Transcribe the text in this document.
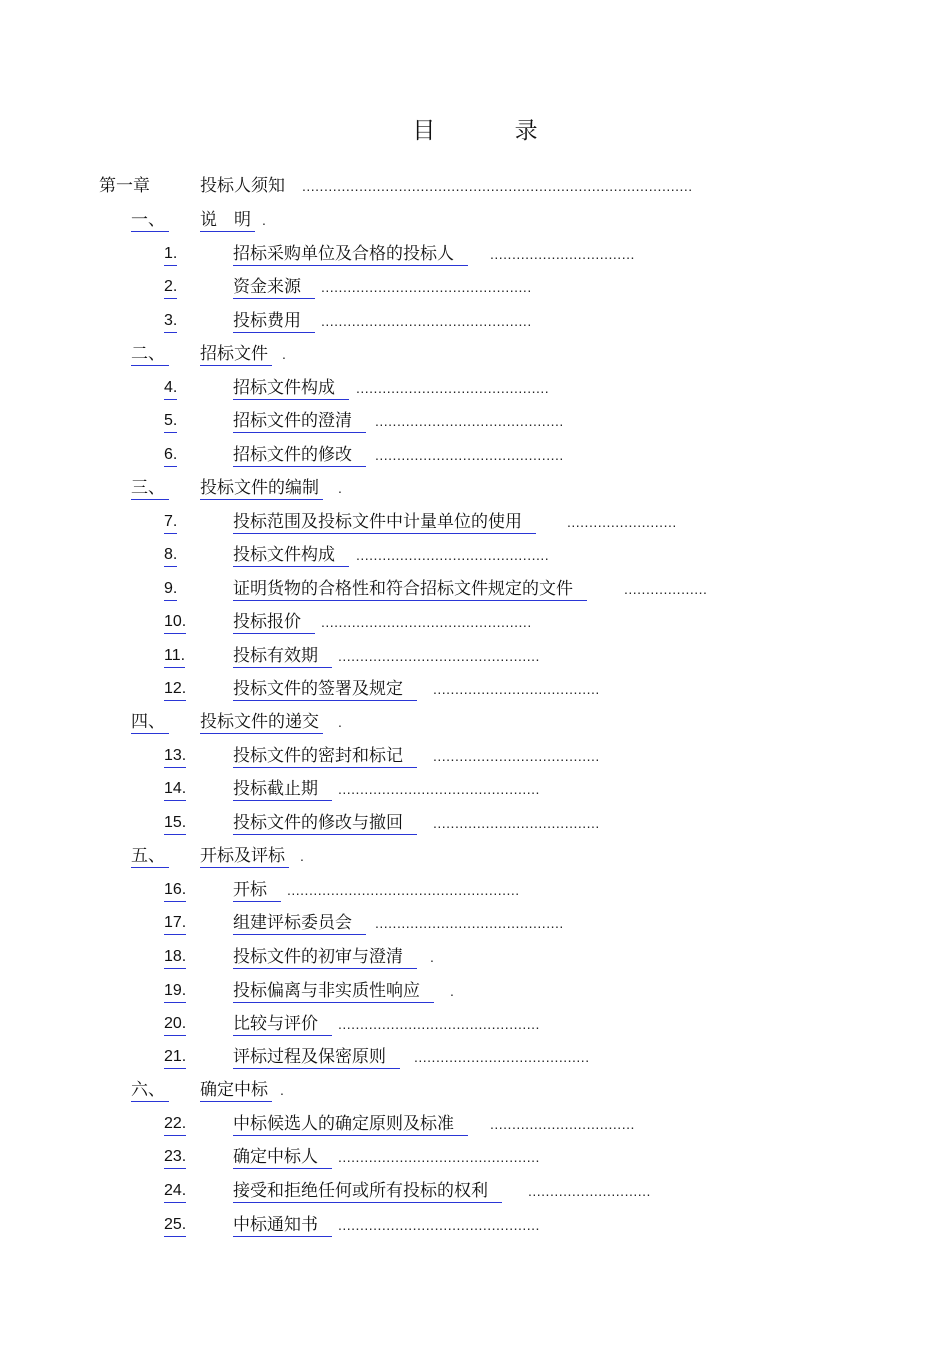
目 录
第一章	投标人须知 .........................................................................................
一、 说　明 .
1.	招标采购单位及合格的投标人	.................................
2.	资金来源	................................................
3.	投标费用	................................................
二、 招标文件 .
4.	招标文件构成	............................................
5.	招标文件的澄清	...........................................
6.	招标文件的修改	...........................................
三、 投标文件的编制 .
7.	投标范围及投标文件中计量单位的使用	.........................
8.	投标文件构成	............................................
9.	证明货物的合格性和符合招标文件规定的文件	...................
10.	投标报价	................................................
11.	投标有效期	..............................................
12.	投标文件的签署及规定	......................................
四、 投标文件的递交 .
13.	投标文件的密封和标记	......................................
14.	投标截止期	..............................................
15.	投标文件的修改与撤回	......................................
五、 开标及评标 .
16.	开标	.....................................................
17.	组建评标委员会	...........................................
18.	投标文件的初审与澄清	.
19.	投标偏离与非实质性响应	.
20.	比较与评价	..............................................
21.	评标过程及保密原则	........................................
六、 确定中标 .
22.	中标候选人的确定原则及标准	.................................
23.	确定中标人	..............................................
24.	接受和拒绝任何或所有投标的权利	............................
25.	中标通知书	..............................................
